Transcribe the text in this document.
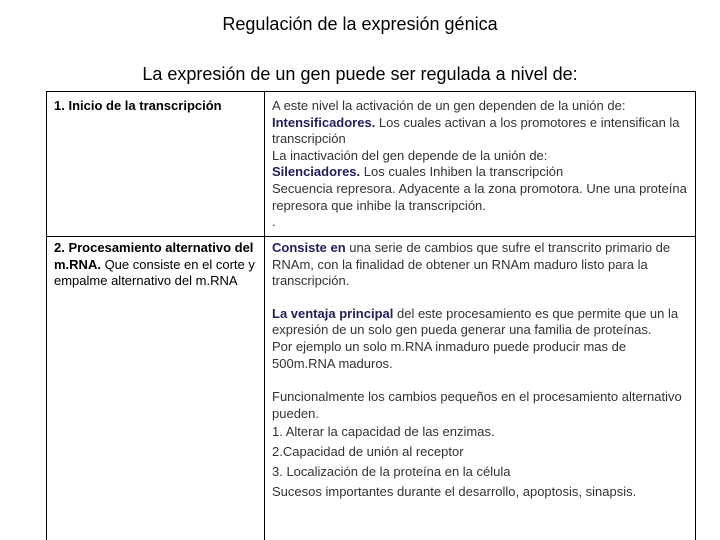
Regulación de la expresión génica
La expresión de un gen puede ser regulada a nivel de:
1. Inicio de la transcripción	A este nivel la activación de un gen dependen de la unión de:
Intensificadores. Los cuales activan a los promotores e intensifican la transcripción
La inactivación del gen depende de la unión de:
Silenciadores. Los cuales Inhiben la transcripción
Secuencia represora. Adyacente a la zona promotora. Une una proteína represora que inhibe la transcripción.
.
2. Procesamiento alternativo del m.RNA. Que consiste en el corte y empalme alternativo del m.RNA
Consiste en una serie de cambios que sufre el transcrito primario de RNAm, con la finalidad de obtener un RNAm maduro listo para la transcripción.
La ventaja principal del este procesamiento es que permite que un la expresión de un solo gen pueda generar una familia de proteínas.
Por ejemplo un solo m.RNA inmaduro puede producir mas de 500m.RNA maduros.
Funcionalmente los cambios pequeños en el procesamiento alternativo pueden.
1. Alterar la capacidad de las enzimas.
2.Capacidad de unión al receptor
3. Localización de la proteína en la célula
Sucesos importantes durante el desarrollo, apoptosis, sinapsis.
